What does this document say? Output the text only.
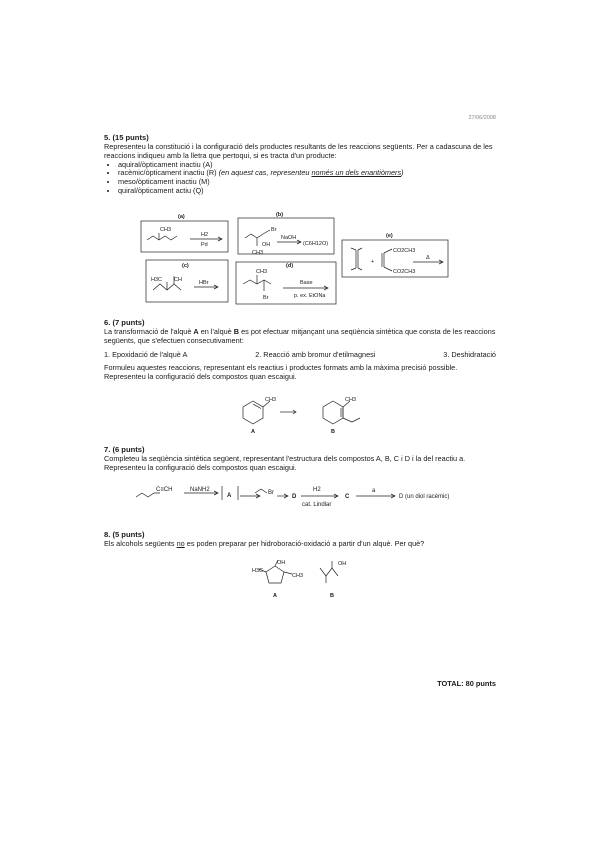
27/06/2008
5. (15 punts)

Representeu la constitució i la configuració dels productes resultants de les reaccions següents. Per a cadascuna de les reaccions indiqueu amb la lletra que pertoqui, si es tracta d'un producte:

• aquiral/òpticament inactiu (A)
• racèmic/òpticament inactiu (R) (en aquest cas, representeu només un dels enantiòmers)
• meso/òpticament inactiu (M)
• quiral/òpticament actiu (Q)
(a)
CH3
H2
Pd
(b)
Br
OH
CH3
NaOH
(C6H12O)
(e)
+
CO2CH3
CO2CH3
Δ
(c)
H3C CH	HBr
(d)
CH3
Br
Base
p. ex. EtONa
6. (7 punts)

La transformació de l'alquè A en l'alquè B es pot efectuar mitjançant una seqüència sintètica que consta de les reaccions següents, que s'efectuen consecutivament:

1. Epoxidació de l'alquè A	2. Reacció amb bromur d'etilmagnesi	3. Deshidratació

Formuleu aquestes reaccions, representant els reactius i productes formats amb la màxima precisió possible. Representeu la configuració dels compostos quan escaigui.

CH3	CH3
A	B
7. (6 punts)

Completeu la seqüència sintètica següent, representant l'estructura dels compostos A, B, C i D i la del reactiu a. Representeu la configuració dels compostos quan escaigui.

C≡CH	NaNH2
A	Br
D
H2
cat. Lindlar
C
a
D (un diol racèmic)
8. (5 punts)

Els alcohols següents no es poden preparar per hidroboració-oxidació a partir d'un alquè. Per què?

OH
H3C
CH3
OH
A	B
TOTAL: 80 punts
